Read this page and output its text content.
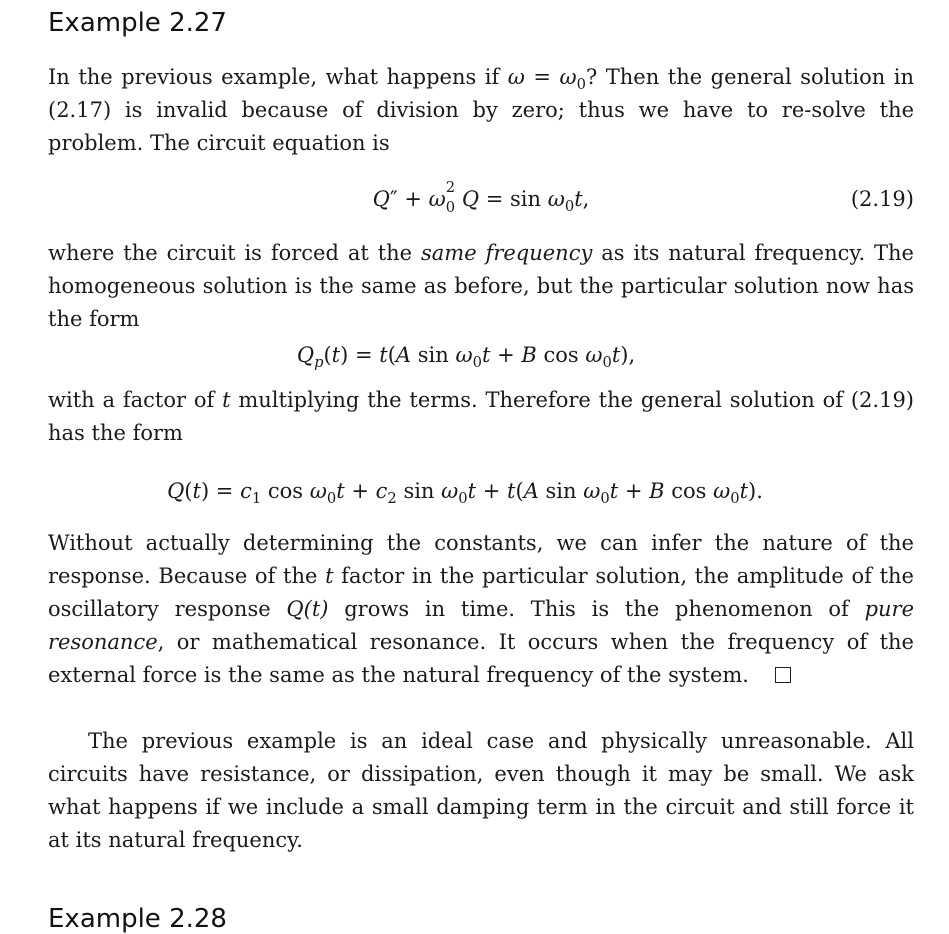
Example 2.27
In the previous example, what happens if $\omega = \omega_0$? Then the general solution in (2.17) is invalid because of division by zero; thus we have to re-solve the problem. The circuit equation is
Q″ + ω 2
0 $Q = \sin \omega_0t$,	(2.19)
where the circuit is forced at the same frequency as its natural frequency. The homogeneous solution is the same as before, but the particular solution now has the form
$Q_p(t) = t(A$ $\sin \omega_0t + B$ $\cos \omega_0t$),
with a factor of t multiplying the terms. Therefore the general solution of (2.19) has the form
$Q(t) = c_1$ $\cos \omega_0t + c_2$ $\sin \omega_0t + t(A$ $\sin \omega_0t + B$ $\cos \omega_0t$).
Without actually determining the constants, we can infer the nature of the response. Because of the t factor in the particular solution, the amplitude of the oscillatory response Q(t) grows in time. This is the phenomenon of pure resonance, or mathematical resonance. It occurs when the frequency of the external force is the same as the natural frequency of the system.
The previous example is an ideal case and physically unreasonable. All circuits have resistance, or dissipation, even though it may be small. We ask what happens if we include a small damping term in the circuit and still force it at its natural frequency.
Example 2.28
